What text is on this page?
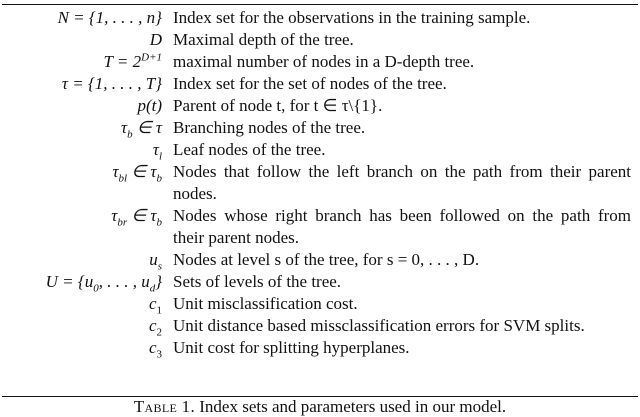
N = {1, . . . , n} Index set for the observations in the training sample.
D Maximal depth of the tree.
$T = 2^{D+1}$ maximal number of nodes in a D-depth tree.
τ = {1, . . . , T} Index set for the set of nodes of the tree.
p(t) Parent of node t, for t ∈ τ\{1}.
$\tau_b$ ∈ τ Branching nodes of the tree.
$\tau_l$ Leaf nodes of the tree.
$\tau_{bl}$ ∈ $\tau_b$ Nodes that follow the left branch on the path from their parent nodes.
$\tau_{br}$ ∈ $\tau_b$ Nodes whose right branch has been followed on the path from their parent nodes.
$u_s$ Nodes at level s of the tree, for s = 0, . . . , D.
$U = \{u_0$, . . . , $u_d$} Sets of levels of the tree.
$c_1$ Unit misclassification cost.
$c_2$ Unit distance based missclassification errors for SVM splits.
$c_3$ Unit cost for splitting hyperplanes.
Table 1. Index sets and parameters used in our model.
